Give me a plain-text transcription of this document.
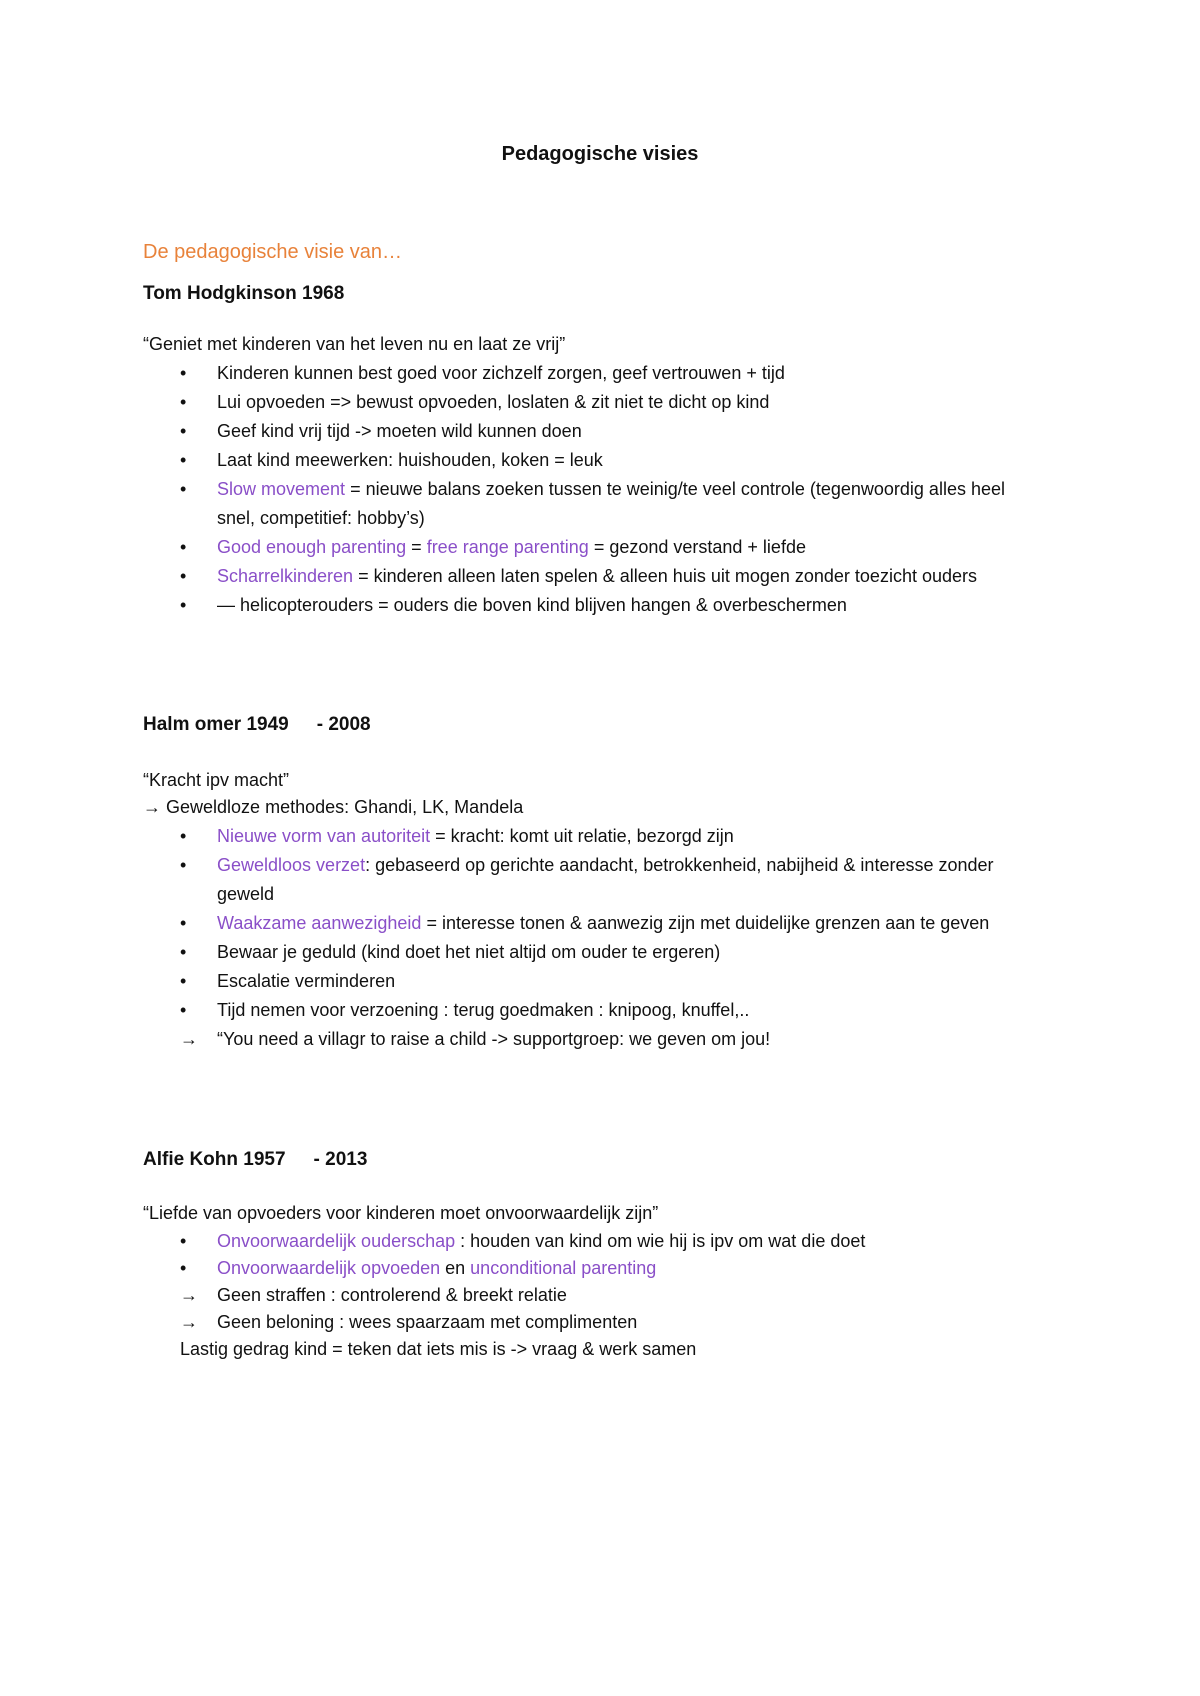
Pedagogische visies
De pedagogische visie van…
Tom Hodgkinson 1968
“Geniet met kinderen van het leven nu en laat ze vrij”
•	Kinderen kunnen best goed voor zichzelf zorgen, geef vertrouwen + tijd
•	Lui opvoeden => bewust opvoeden, loslaten & zit niet te dicht op kind
•	Geef kind vrij tijd -> moeten wild kunnen doen
•	Laat kind meewerken: huishouden, koken = leuk
•	Slow movement = nieuwe balans zoeken tussen te weinig/te veel controle (tegenwoordig alles heel snel, competitief: hobby’s)
•	Good enough parenting = free range parenting = gezond verstand + liefde
•	Scharrelkinderen = kinderen alleen laten spelen & alleen huis uit mogen zonder toezicht ouders
•	— helicopterouders = ouders die boven kind blijven hangen & overbeschermen
Halm omer 1949 - 2008
“Kracht ipv macht”
→ Geweldloze methodes: Ghandi, LK, Mandela
•	Nieuwe vorm van autoriteit = kracht: komt uit relatie, bezorgd zijn
•	Geweldloos verzet: gebaseerd op gerichte aandacht, betrokkenheid, nabijheid & interesse zonder geweld
•	Waakzame aanwezigheid = interesse tonen & aanwezig zijn met duidelijke grenzen aan te geven
•	Bewaar je geduld (kind doet het niet altijd om ouder te ergeren)
•	Escalatie verminderen
•	Tijd nemen voor verzoening : terug goedmaken : knipoog, knuffel,..
→ “You need a villagr to raise a child -> supportgroep: we geven om jou!
Alfie Kohn 1957 - 2013
“Liefde van opvoeders voor kinderen moet onvoorwaardelijk zijn”
•	Onvoorwaardelijk ouderschap : houden van kind om wie hij is ipv om wat die doet
•	Onvoorwaardelijk opvoeden en unconditional parenting
→ Geen straffen : controlerend & breekt relatie
→ Geen beloning : wees spaarzaam met complimenten
Lastig gedrag kind = teken dat iets mis is -> vraag & werk samen
